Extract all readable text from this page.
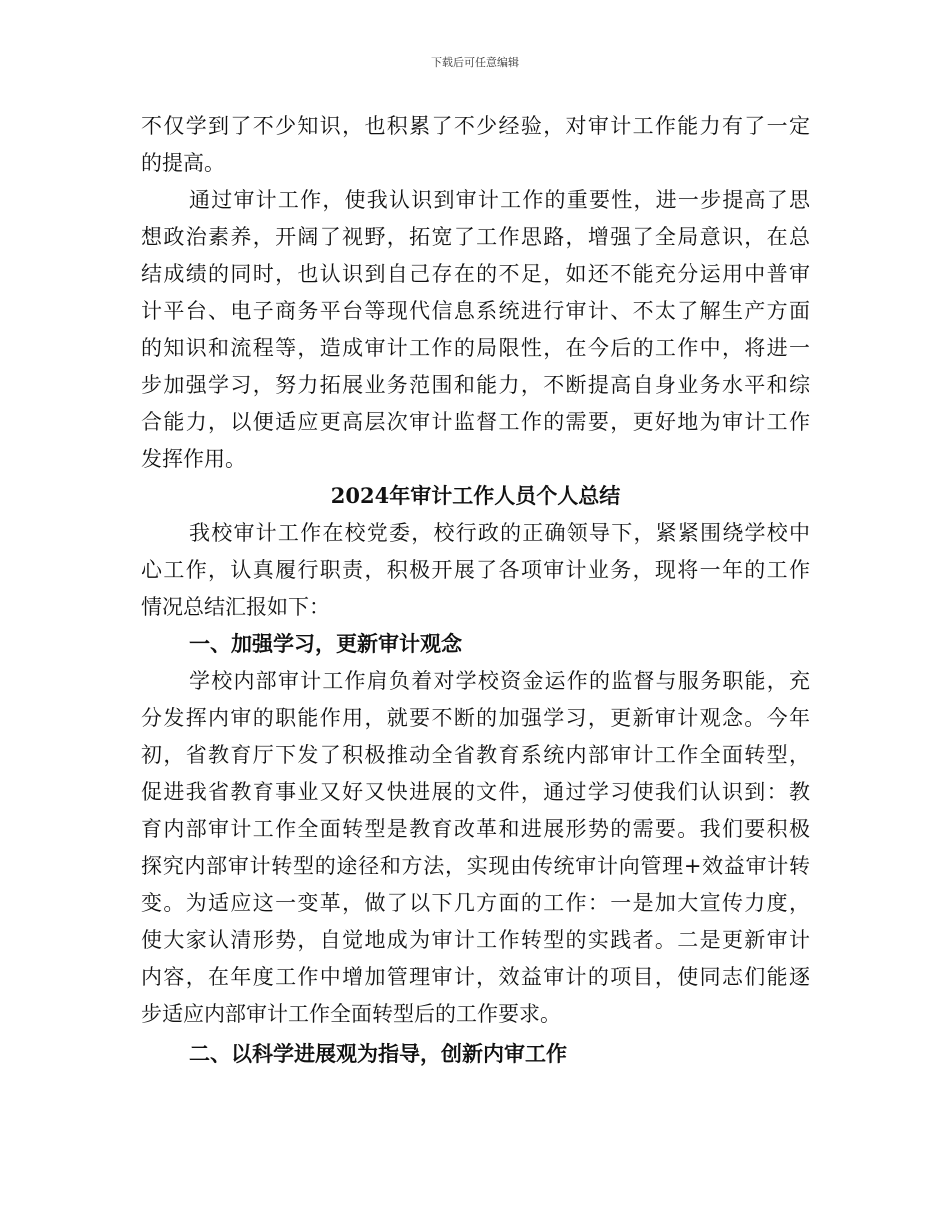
下载后可任意编辑
不仅学到了不少知识，也积累了不少经验，对审计工作能力有了一定
的提高。
通过审计工作，使我认识到审计工作的重要性，进一步提高了思
想政治素养，开阔了视野，拓宽了工作思路，增强了全局意识，在总
结成绩的同时，也认识到自己存在的不足，如还不能充分运用中普审
计平台、电子商务平台等现代信息系统进行审计、不太了解生产方面
的知识和流程等，造成审计工作的局限性，在今后的工作中，将进一
步加强学习，努力拓展业务范围和能力，不断提高自身业务水平和综
合能力，以便适应更高层次审计监督工作的需要，更好地为审计工作
发挥作用。
2024年审计工作人员个人总结
我校审计工作在校党委，校行政的正确领导下，紧紧围绕学校中
心工作，认真履行职责，积极开展了各项审计业务，现将一年的工作
情况总结汇报如下：
一、加强学习，更新审计观念
学校内部审计工作肩负着对学校资金运作的监督与服务职能，充
分发挥内审的职能作用，就要不断的加强学习，更新审计观念。今年
初，省教育厅下发了积极推动全省教育系统内部审计工作全面转型，
促进我省教育事业又好又快进展的文件，通过学习使我们认识到：教
育内部审计工作全面转型是教育改革和进展形势的需要。我们要积极
探究内部审计转型的途径和方法，实现由传统审计向管理+效益审计转
变。为适应这一变革，做了以下几方面的工作：一是加大宣传力度，
使大家认清形势，自觉地成为审计工作转型的实践者。二是更新审计
内容，在年度工作中增加管理审计，效益审计的项目，使同志们能逐
步适应内部审计工作全面转型后的工作要求。
二、以科学进展观为指导，创新内审工作
